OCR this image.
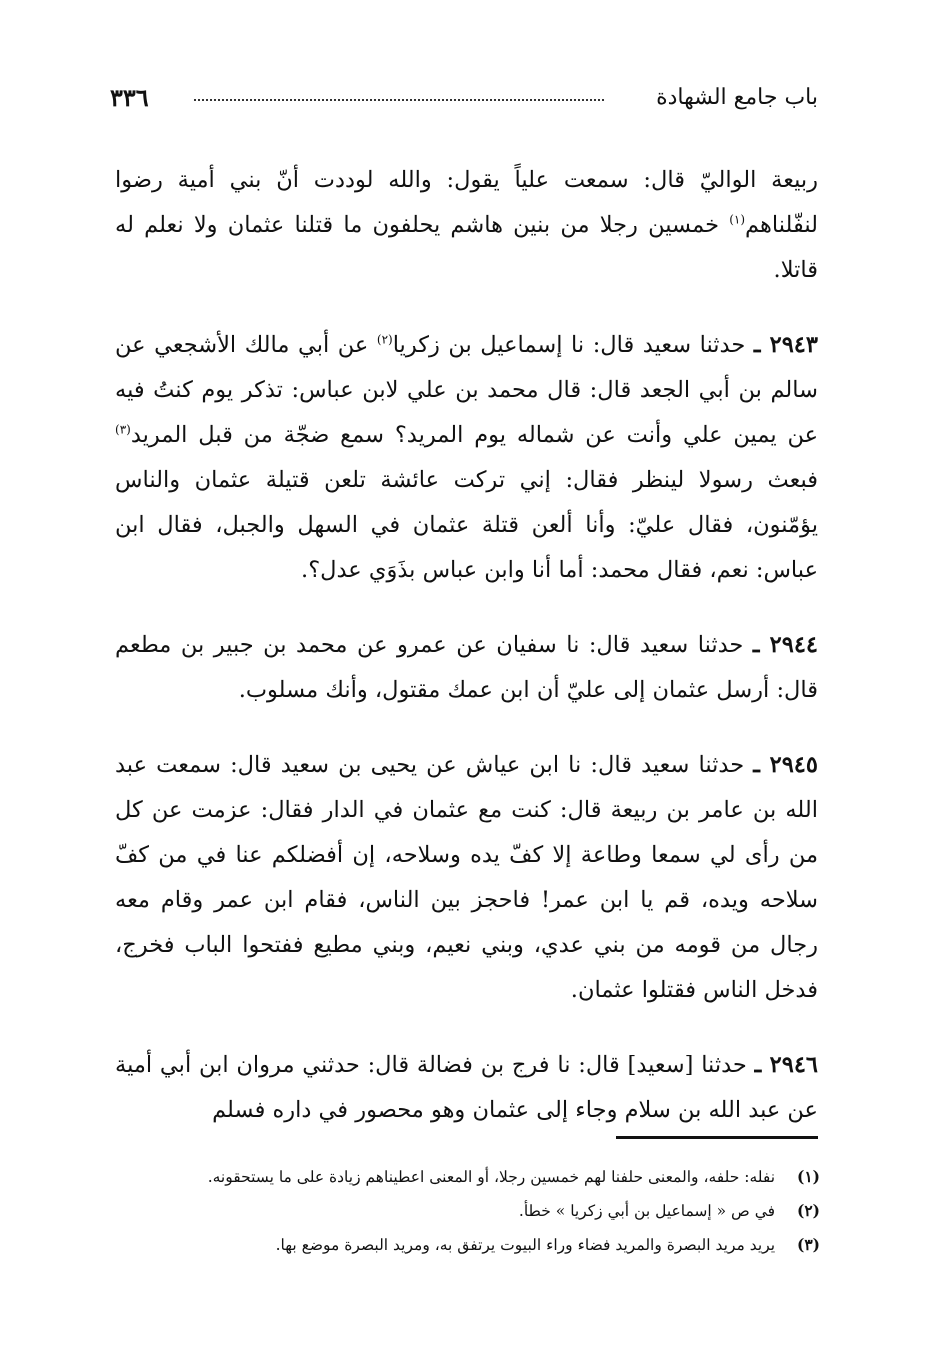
٣٣٦	باب جامع الشهادة

ربيعة الواليّ قال: سمعت علياً يقول: والله لوددت أنّ بني أمية رضوا لنفّلناهم$^{(١)}$ خمسين رجلا من بنين هاشم يحلفون ما قتلنا عثمان ولا نعلم له قاتلا.

٢٩٤٣ ـ حدثنا سعيد قال: نا إسماعيل بن زكريا$^{(٢)}$ عن أبي مالك الأشجعي عن سالم بن أبي الجعد قال: قال محمد بن علي لابن عباس: تذكر يوم كنتُ فيه عن يمين علي وأنت عن شماله يوم المريد؟ سمع ضجّة من قبل المريد$^{(٣)}$ فبعث رسولا لينظر فقال: إني تركت عائشة تلعن قتيلة عثمان والناس يؤمّنون، فقال عليّ: وأنا ألعن قتلة عثمان في السهل والجبل، فقال ابن عباس: نعم، فقال محمد: أما أنا وابن عباس بذَوَي عدل؟.

٢٩٤٤ ـ حدثنا سعيد قال: نا سفيان عن عمرو عن محمد بن جبير بن مطعم قال: أرسل عثمان إلى عليّ أن ابن عمك مقتول، وأنك مسلوب.

٢٩٤٥ ـ حدثنا سعيد قال: نا ابن عياش عن يحيى بن سعيد قال: سمعت عبد الله بن عامر بن ربيعة قال: كنت مع عثمان في الدار فقال: عزمت عن كل من رأى لي سمعا وطاعة إلا كفّ يده وسلاحه، إن أفضلكم عنا في من كفّ سلاحه ويده، قم يا ابن عمر! فاحجز بين الناس، فقام ابن عمر وقام معه رجال من قومه من بني عدي، وبني نعيم، وبني مطيع ففتحوا الباب فخرج، فدخل الناس فقتلوا عثمان.

٢٩٤٦ ـ حدثنا [سعيد] قال: نا فرج بن فضالة قال: حدثني مروان ابن أبي أمية عن عبد الله بن سلام وجاء إلى عثمان وهو محصور في داره فسلم

(١) نفله: حلفه، والمعنى حلفنا لهم خمسين رجلا، أو المعنى اعطيناهم زيادة على ما يستحقونه.

(٢) في ص « إسماعيل بن أبي زكريا » خطأ.

(٣) يريد مريد البصرة والمريد فضاء وراء البيوت يرتفق به، ومريد البصرة موضع بها.
